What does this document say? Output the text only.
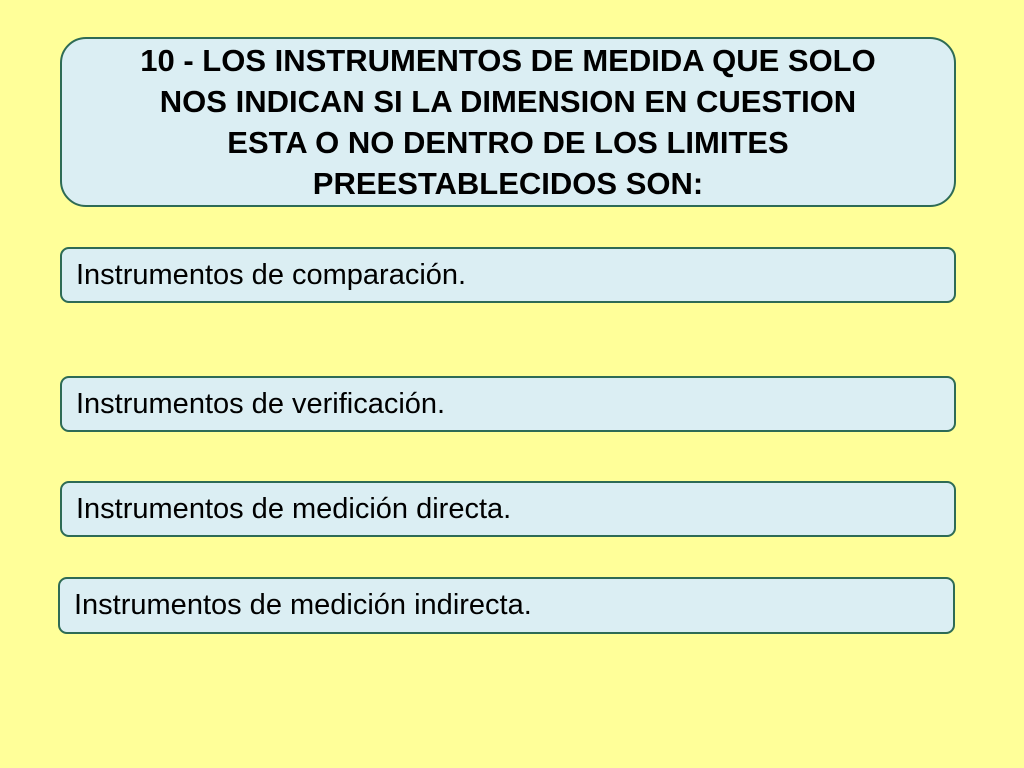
10 - LOS INSTRUMENTOS DE MEDIDA QUE SOLO NOS INDICAN SI LA DIMENSION EN CUESTION ESTA O NO DENTRO DE LOS LIMITES PREESTABLECIDOS SON:

Instrumentos de comparación.
Instrumentos de verificación.
Instrumentos de medición directa.
Instrumentos de medición indirecta.
